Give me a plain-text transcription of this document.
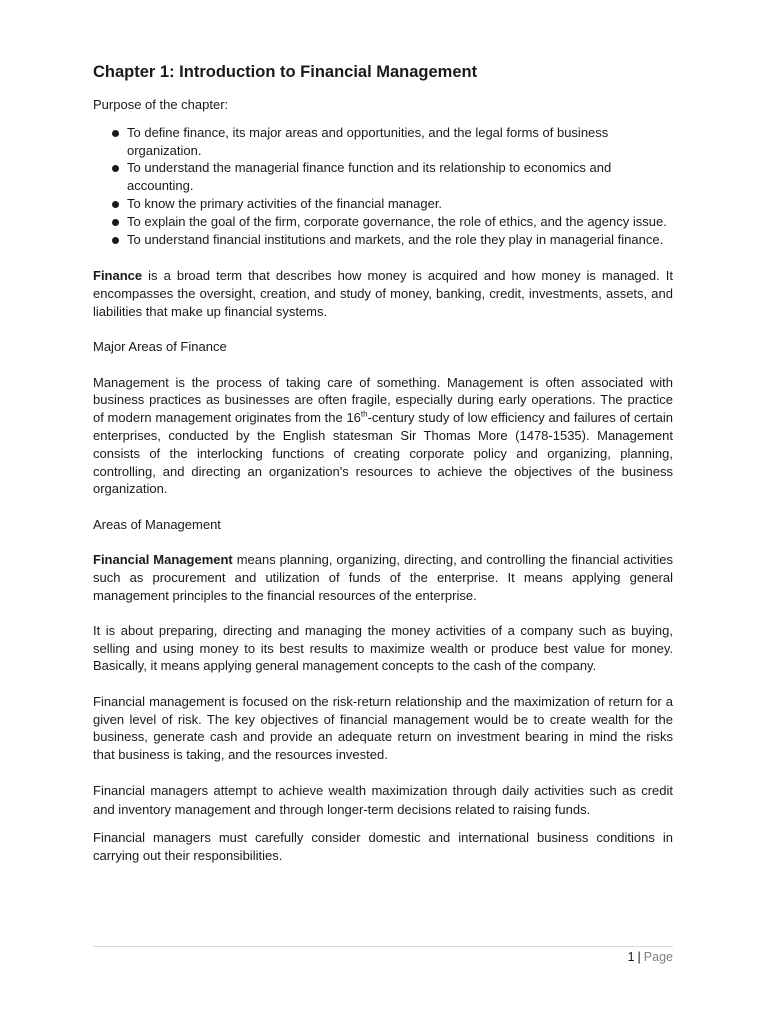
Chapter 1: Introduction to Financial Management
Purpose of the chapter:
To define finance, its major areas and opportunities, and the legal forms of business organization.
To understand the managerial finance function and its relationship to economics and accounting.
To know the primary activities of the financial manager.
To explain the goal of the firm, corporate governance, the role of ethics, and the agency issue.
To understand financial institutions and markets, and the role they play in managerial finance.

Finance is a broad term that describes how money is acquired and how money is managed. It encompasses the oversight, creation, and study of money, banking, credit, investments, assets, and liabilities that make up financial systems.

Major Areas of Finance

Management is the process of taking care of something. Management is often associated with business practices as businesses are often fragile, especially during early operations. The practice of modern management originates from the 16th-century study of low efficiency and failures of certain enterprises, conducted by the English statesman Sir Thomas More (1478-1535). Management consists of the interlocking functions of creating corporate policy and organizing, planning, controlling, and directing an organization's resources to achieve the objectives of the business organization.

Areas of Management

Financial Management means planning, organizing, directing, and controlling the financial activities such as procurement and utilization of funds of the enterprise. It means applying general management principles to the financial resources of the enterprise.

It is about preparing, directing and managing the money activities of a company such as buying, selling and using money to its best results to maximize wealth or produce best value for money. Basically, it means applying general management concepts to the cash of the company.

Financial management is focused on the risk-return relationship and the maximization of return for a given level of risk. The key objectives of financial management would be to create wealth for the business, generate cash and provide an adequate return on investment bearing in mind the risks that business is taking, and the resources invested.

Financial managers attempt to achieve wealth maximization through daily activities such as credit and inventory management and through longer-term decisions related to raising funds.

Financial managers must carefully consider domestic and international business conditions in carrying out their responsibilities.

1 | Page
